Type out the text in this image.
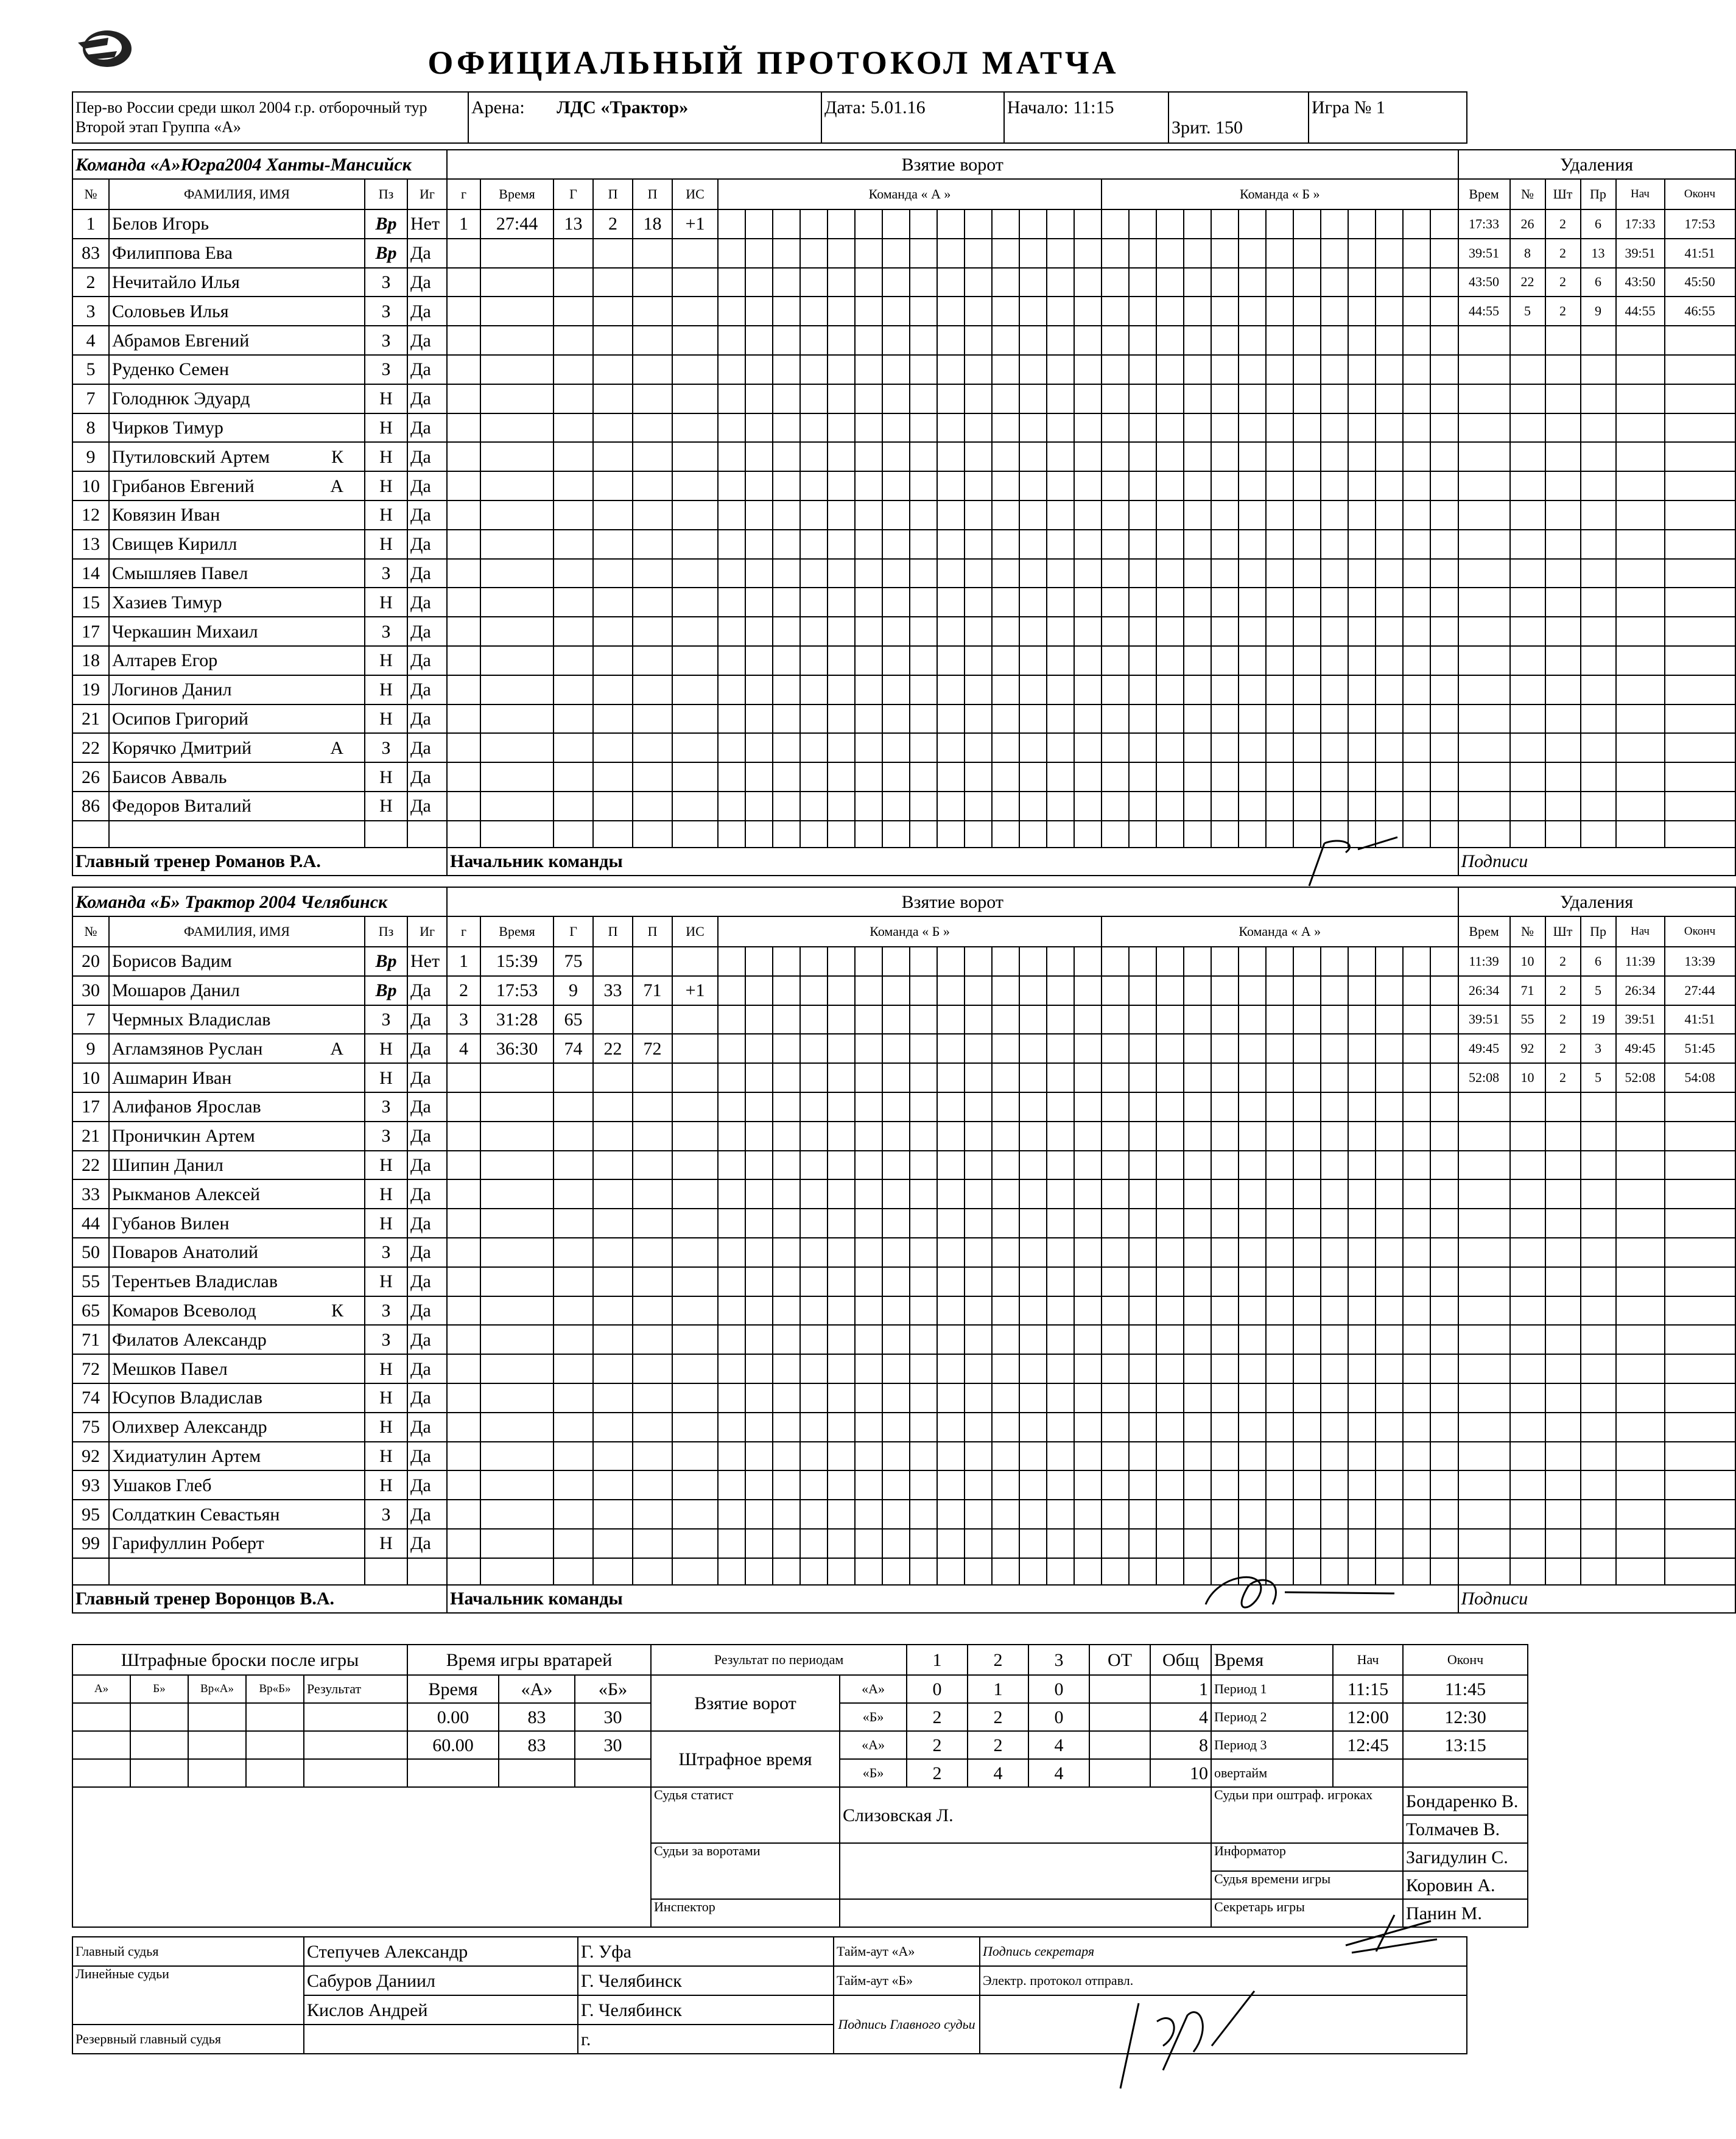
ОФИЦИАЛЬНЫЙ ПРОТОКОЛ МАТЧА
Пер-во России среди школ 2004 г.р. отборочный тур Второй этап Группа «А»	Арена: ЛДС «Трактор»	Дата: 5.01.16	Начало: 11:15	Зрит. 150	Игра № 1
Команда «А»Югра2004 Ханты-Мансийск				Взятие ворот																																	Удаления					
№	ФАМИЛИЯ, ИМЯ	Пз	Иг	г	Время	Г	П	П	ИС	Команда « А »														Команда « Б »													Врем	№	Шт	Пр	Нач	Оконч
1	Белов Игорь	Вр	Нет	1	27:44	13	2	18	+1																												17:33	26	2	6	17:33	17:53
83	Филиппова Ева	Вр	Да																																		39:51	8	2	13	39:51	41:51
2	Нечитайло Илья	З	Да																																		43:50	22	2	6	43:50	45:50
3	Соловьев Илья	З	Да																																		44:55	5	2	9	44:55	46:55
4	Абрамов Евгений	З	Да																																							
5	Руденко Семен	З	Да																																							
7	Голоднюк Эдуард	Н	Да																																							
8	Чирков Тимур	Н	Да																																							
9	Путиловский Артем К	Н	Да																																							
10	Грибанов Евгений А	Н	Да																																							
12	Ковязин Иван	Н	Да																																							
13	Свищев Кирилл	Н	Да																																							
14	Смышляев Павел	З	Да																																							
15	Хазиев Тимур	Н	Да																																							
17	Черкашин Михаил	З	Да																																							
18	Алтарев Егор	Н	Да																																							
19	Логинов Данил	Н	Да																																							
21	Осипов Григорий	Н	Да																																							
22	Корячко Дмитрий А	З	Да																																							
26	Баисов Авваль	Н	Да																																							
86	Федоров Виталий	Н	Да																																							

Главный тренер Романов Р.А.				Начальник команды																																	Подписи					
Команда «Б» Трактор 2004 Челябинск				Взятие ворот																																	Удаления					
№	ФАМИЛИЯ, ИМЯ	Пз	Иг	г	Время	Г	П	П	ИС	Команда « Б »														Команда « А »													Врем	№	Шт	Пр	Нач	Оконч
20	Борисов Вадим	Вр	Нет	1	15:39	75																															11:39	10	2	6	11:39	13:39
30	Мошаров Данил	Вр	Да	2	17:53	9	33	71	+1																												26:34	71	2	5	26:34	27:44
7	Чермных Владислав	З	Да	3	31:28	65																															39:51	55	2	19	39:51	41:51
9	Агламзянов Руслан А	Н	Да	4	36:30	74	22	72																													49:45	92	2	3	49:45	51:45
10	Ашмарин Иван	Н	Да																																		52:08	10	2	5	52:08	54:08
17	Алифанов Ярослав	З	Да																																							
21	Проничкин Артем	З	Да																																							
22	Шипин Данил	Н	Да																																							
33	Рыкманов Алексей	Н	Да																																							
44	Губанов Вилен	Н	Да																																							
50	Поваров Анатолий	З	Да																																							
55	Терентьев Владислав	Н	Да																																							
65	Комаров Всеволод К	З	Да																																							
71	Филатов Александр	З	Да																																							
72	Мешков Павел	Н	Да																																							
74	Юсупов Владислав	Н	Да																																							
75	Олихвер Александр	Н	Да																																							
92	Хидиатулин Артем	Н	Да																																							
93	Ушаков Глеб	Н	Да																																							
95	Солдаткин Севастьян	З	Да																																							
99	Гарифуллин Роберт	Н	Да																																							

Главный тренер Воронцов В.А.				Начальник команды																																	Подписи					
Штрафные броски после игры					Время игры вратарей			Результат по периодам		1	2	3	ОТ	Общ	Время	Нач	Оконч
А»	Б»	Вр«А»	Вр«Б»	Результат	Время	«А»	«Б»	Взятие ворот	«А»	0	1	0		1	Период 1	11:15	11:45
					0.00	83	30		«Б»	2	2	0		4	Период 2	12:00	12:30
					60.00	83	30	Штрафное время	«А»	2	2	4		8	Период 3	12:45	13:15
									«Б»	2	4	4		10	овертайм		
								Судья статист	Слизовская Л.						Судьи при оштраф. игроках		Бондаренко В.
																	Толмачев В.
								Судьи за воротами							Информатор		Загидулин С.
															Судья времени игры		Коровин А.
								Инспектор							Секретарь игры		Панин М.
Главный судья	Степучев Александр	Г. Уфа	Тайм-аут «А»	Подпись секретаря
Линейные судьи	Сабуров Даниил	Г. Челябинск	Тайм-аут «Б»	Электр. протокол отправл.
	Кислов Андрей	Г. Челябинск	Подпись Главного судьи	
Резервный главный судья		г.		
